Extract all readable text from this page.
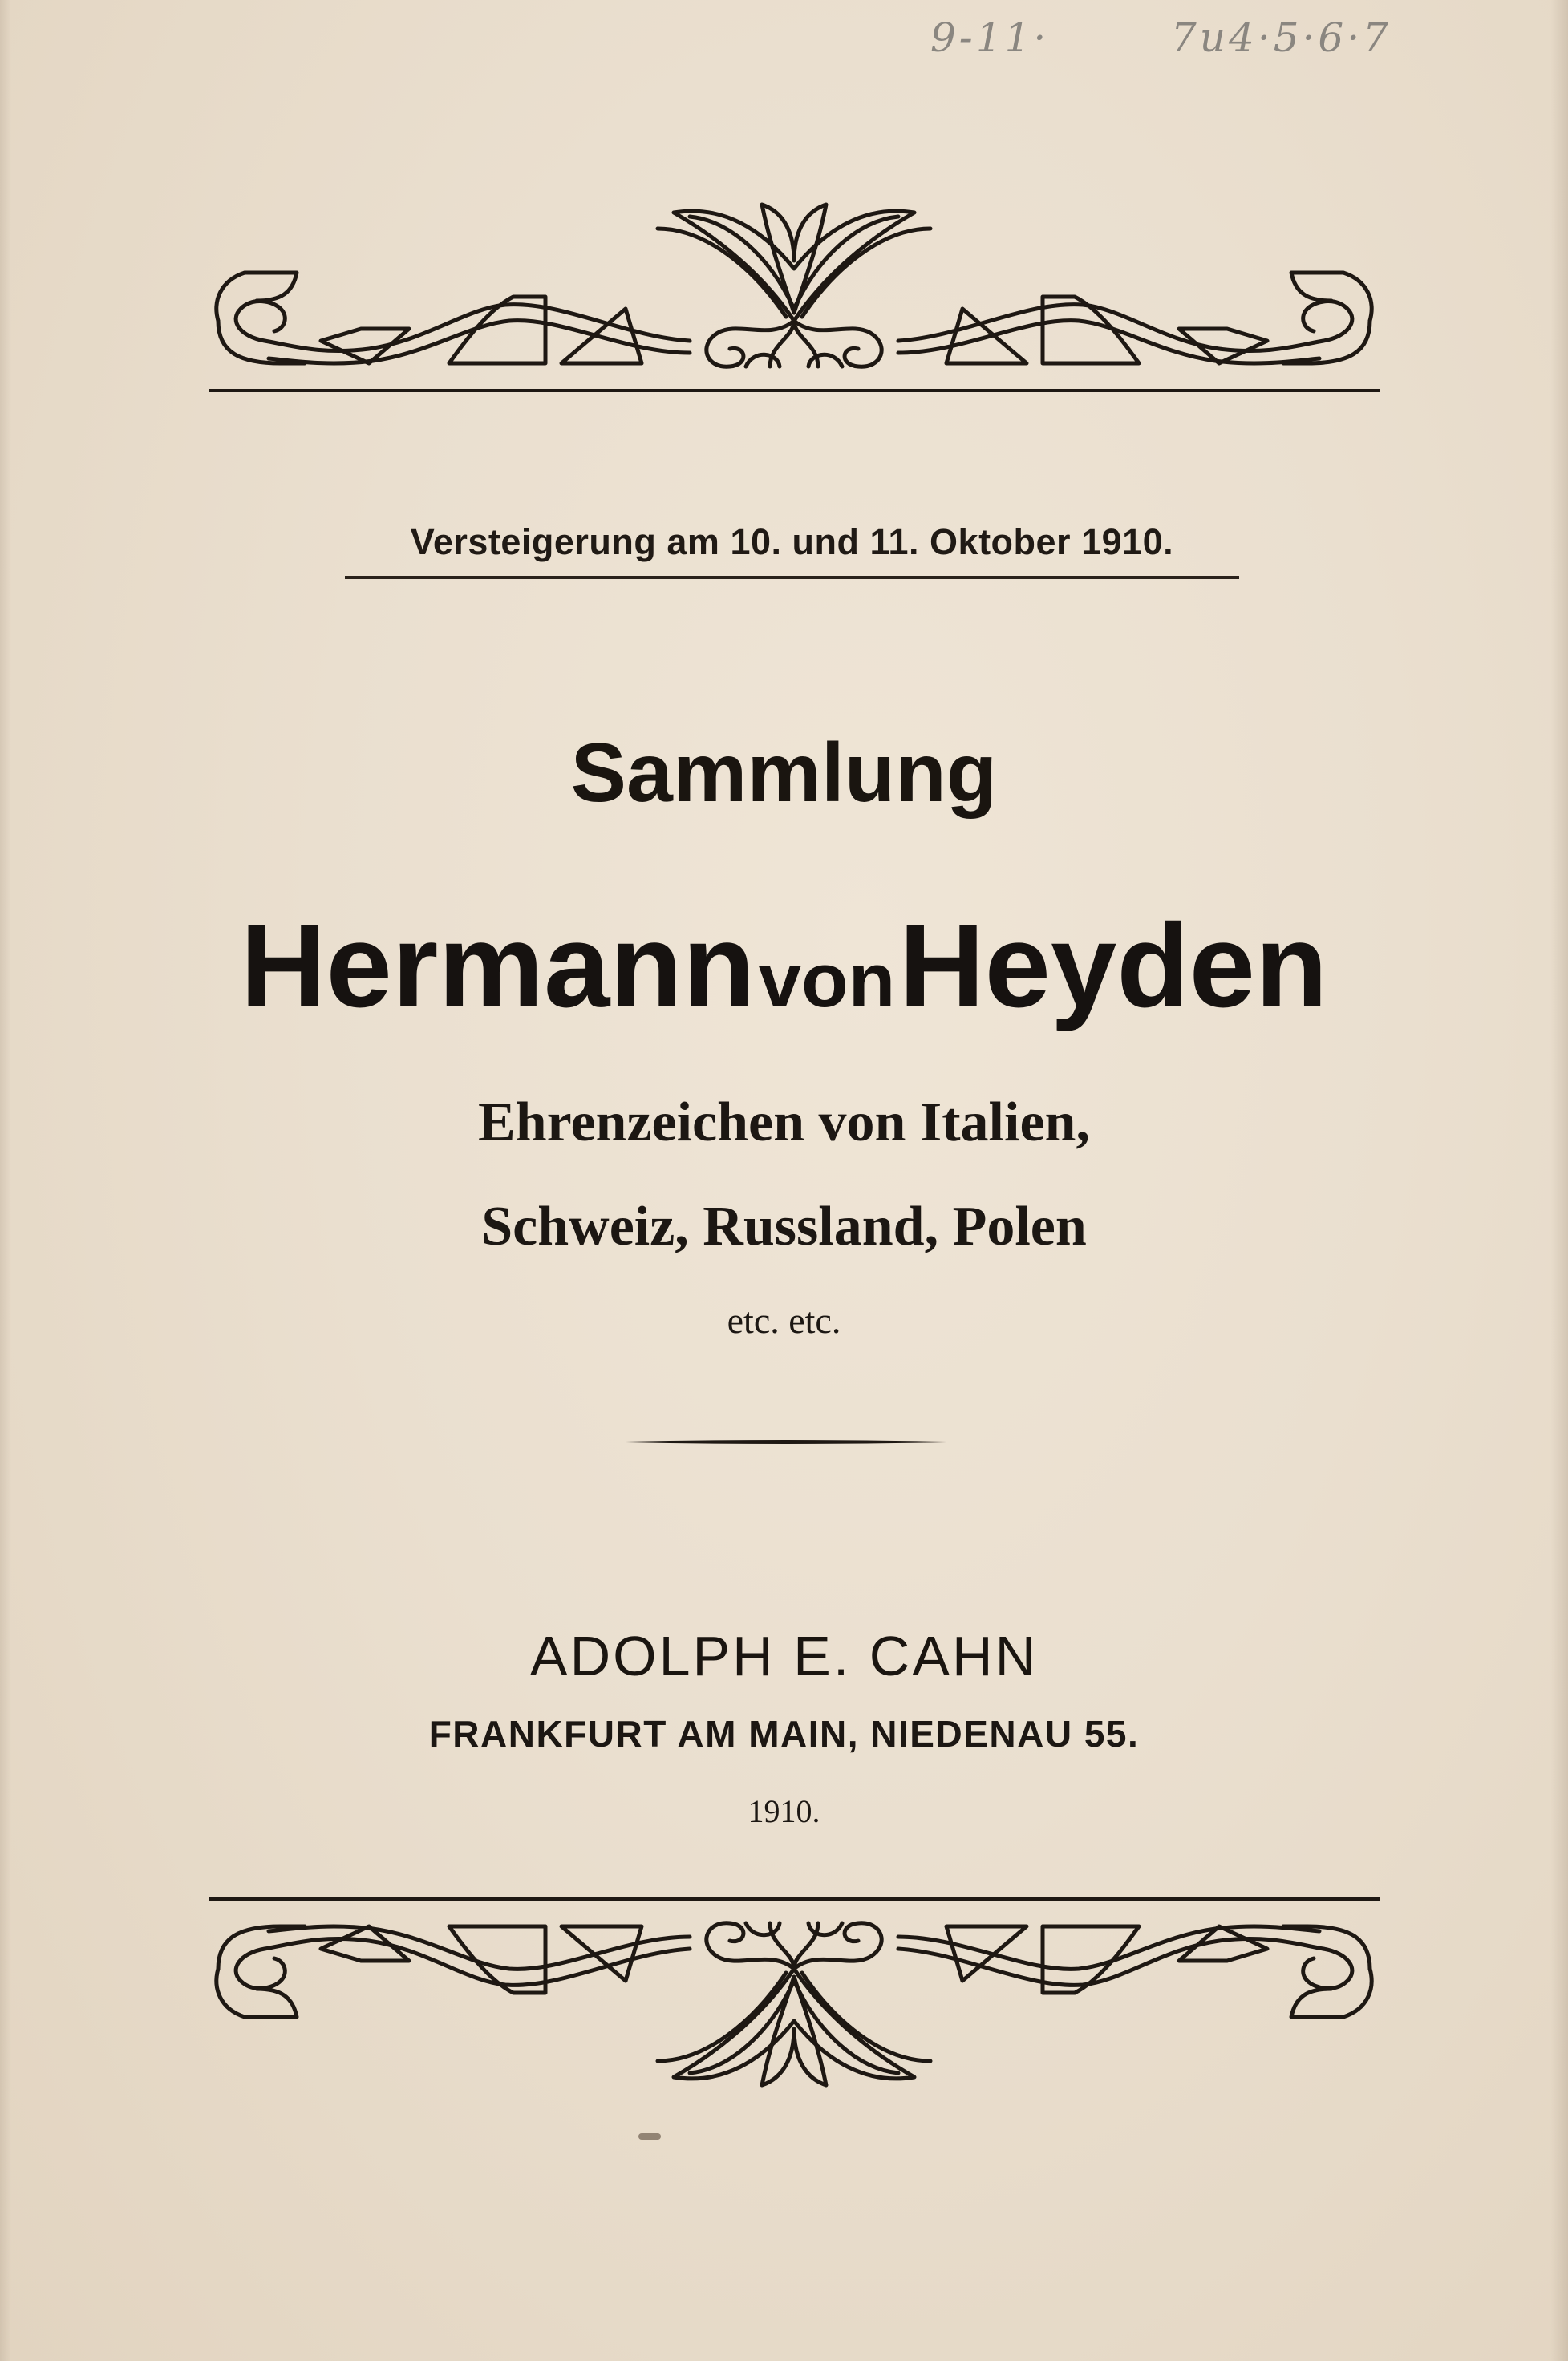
9-11·	7u4·5·6·7
Versteigerung am 10. und 11. Oktober 1910.
Sammlung
Hermann von Heyden
Ehrenzeichen von Italien,
Schweiz, Russland, Polen
etc. etc.
ADOLPH E. CAHN
FRANKFURT AM MAIN, NIEDENAU 55.
1910.
